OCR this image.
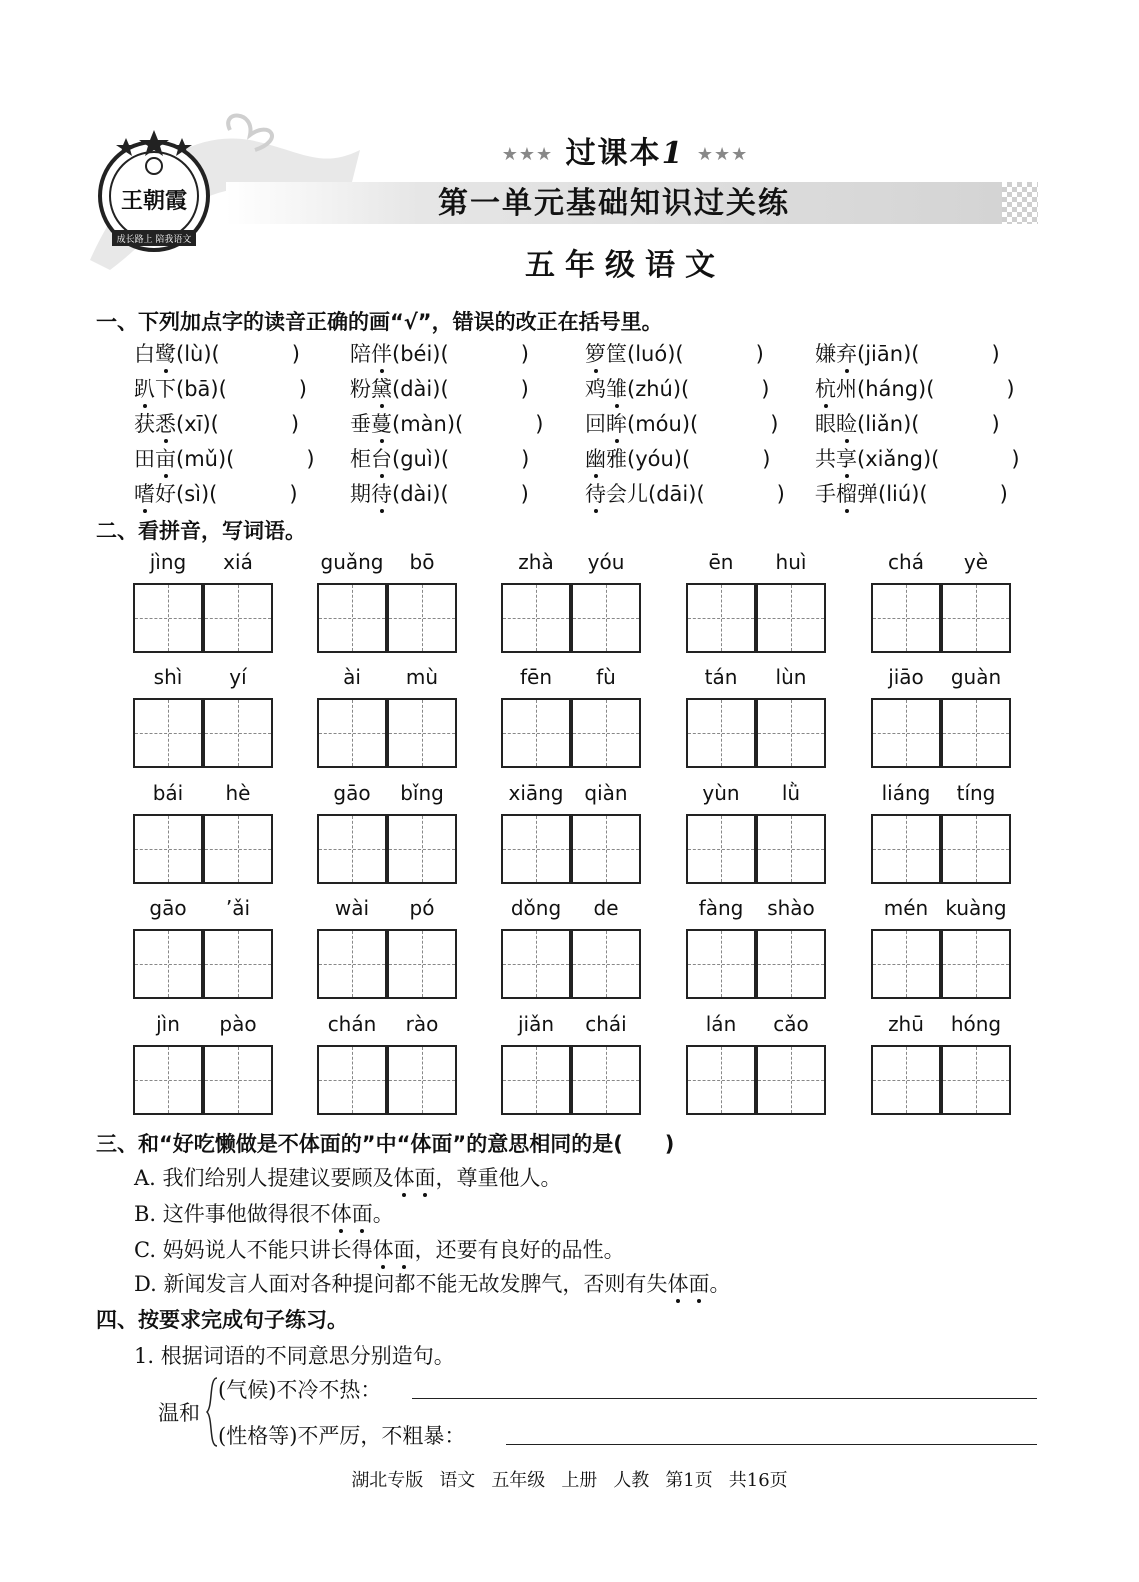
王朝霞
成长路上 陪我语文
★★★ 过课本1 ★★★
第一单元基础知识过关练
五年级语文
一、下列加点字的读音正确的画“√”，错误的改正在括号里。
白鹭(lù)(	) 陪伴(béi)(	)	箩筐(luó)(	) 嫌弃(jiān)(	)
趴下(bā)(	) 粉黛(dài)(	)	鸡雏(zhú)(	) 杭州(háng)(	)
获悉(xī)(	) 垂蔓(màn)(	) 回眸(móu)(	) 眼睑(liǎn)(	)
田亩(mǔ)(	) 柜台(guì)(	)	幽雅(yóu)(	) 共享(xiǎng)(	)
嗜好(sì)(	) 期待(dài)(	)	待会儿(dāi)(	) 手榴弹(liú)(	)
二、看拼音，写词语。
jìng	xiá	guǎng	bō	zhà	yóu	ēn	huì	chá	yè
shì	yí	ài	mù	fēn	fù	tán	lùn	jiāo	guàn
bái	hè	gāo	bǐng	xiāng	qiàn	yùn	lǜ	liáng	tíng
gāo	’ǎi	wài	pó	dǒng	de	fàng	shào	mén kuàng
jìn	pào	chán	rào	jiǎn	chái	lán	cǎo	zhū	hóng
三、和“好吃懒做是不体面的”中“体面”的意思相同的是(　　)
A. 我们给别人提建议要顾及体面，尊重他人。
B. 这件事他做得很不体面。
C. 妈妈说人不能只讲长得体面，还要有良好的品性。
D. 新闻发言人面对各种提问都不能无故发脾气，否则有失体面。
四、按要求完成句子练习。
1. 根据词语的不同意思分别造句。
温和
(气候)不冷不热：
(性格等)不严厉，不粗暴：
湖北专版 语文 五年级 上册 人教 第1页 共16页
